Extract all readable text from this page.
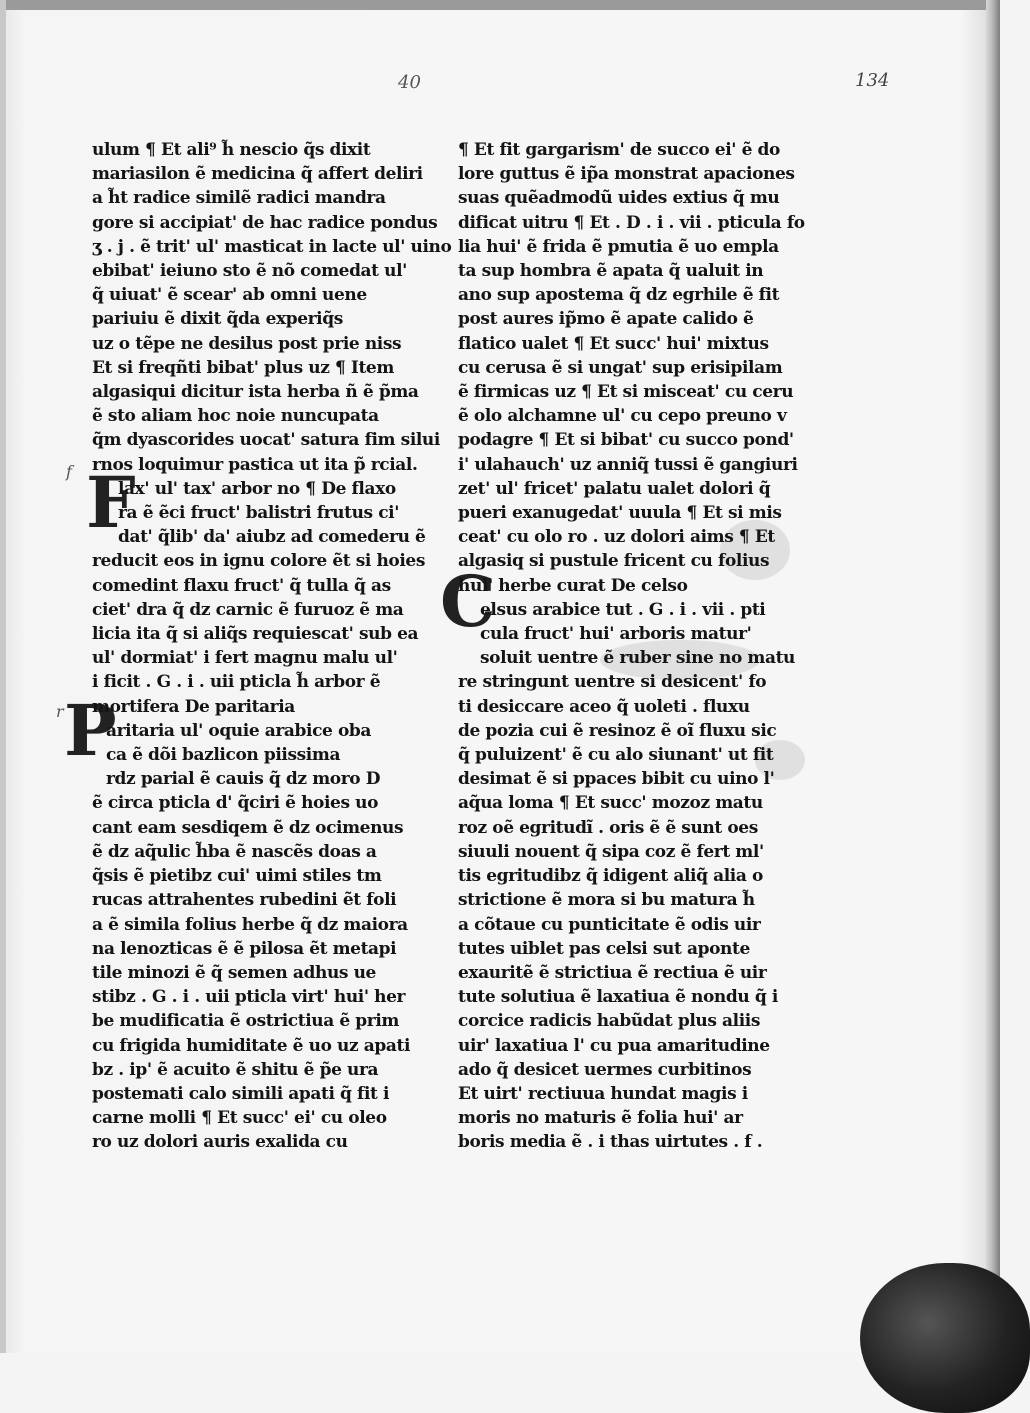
40	134
f
r
F
P
C
ulum ¶ Et ali⁹ h̃ nescio q̃s dixit
mariasilon ẽ medicina q̃ affert deliri
a h̃t radice similẽ radici mandra
gore si accipiat' de hac radice pondus
ʒ . j . ẽ trit' ul' masticat in lacte ul' uino
ebibat' ieiuno sto ẽ nõ comedat ul'
q̃ uiuat' ẽ scear' ab omni uene
pariuiu ẽ dixit q̃da experiq̃s
uz o tẽpe ne desilus post prie niss
Et si freqñti bibat' plus uz ¶ Item
algasiqui dicitur ista herba ñ ẽ p̃ma
ẽ sto aliam hoc noie nuncupata
q̃m dyascorides uocat' satura fim silui
rnos loquimur pastica ut ita p̃ rcial.
lax' ul' tax' arbor no ¶ De flaxo
ra ẽ ẽci fruct' balistri frutus ci'
dat' q̃lib' da' aiubz ad comederu ẽ
reducit eos in ignu colore ẽt si hoies
comedint flaxu fruct' q̃ tulla q̃ as
ciet' dra q̃ dz carnic ẽ furuoz ẽ ma
licia ita q̃ si aliq̃s requiescat' sub ea
ul' dormiat' i fert magnu malu ul'
i ficit . G . i . uii pticla h̃ arbor ẽ
mortifera De paritaria
aritaria ul' oquie arabice oba
ca ẽ dõi bazlicon piissima
rdz parial ẽ cauis q̃ dz moro D
ẽ circa pticla d' q̃ciri ẽ hoies uo
cant eam sesdiqem ẽ dz ocimenus
ẽ dz aq̃ulic h̃ba ẽ nascẽs doas a
q̃sis ẽ pietibz cui' uimi stiles tm
rucas attrahentes rubedini ẽt foli
a ẽ simila folius herbe q̃ dz maiora
na lenozticas ẽ ẽ pilosa ẽt metapi
tile minozi ẽ q̃ semen adhus ue
stibz . G . i . uii pticla virt' hui' her
be mudificatia ẽ ostrictiua ẽ prim
cu frigida humiditate ẽ uo uz apati
bz . ip' ẽ acuito ẽ shitu ẽ p̃e ura
postemati calo simili apati q̃ fit i
carne molli ¶ Et succ' ei' cu oleo
ro uz dolori auris exalida cu
¶ Et fit gargarism' de succo ei' ẽ do
lore guttus ẽ ip̃a monstrat apaciones
suas quẽadmodũ uides extius q̃ mu
dificat uitru ¶ Et . D . i . vii . pticula fo
lia hui' ẽ frida ẽ pmutia ẽ uo empla
ta sup hombra ẽ apata q̃ ualuit in
ano sup apostema q̃ dz egrhile ẽ fit
post aures ip̃mo ẽ apate calido ẽ
flatico ualet ¶ Et succ' hui' mixtus
cu cerusa ẽ si ungat' sup erisipilam
ẽ firmicas uz ¶ Et si misceat' cu ceru
ẽ olo alchamne ul' cu cepo preuno v
podagre ¶ Et si bibat' cu succo pond'
i' ulahauch' uz anniq̃ tussi ẽ gangiuri
zet' ul' fricet' palatu ualet dolori q̃
pueri exanugedat' uuula ¶ Et si mis
ceat' cu olo ro . uz dolori aims ¶ Et
algasiq si pustule fricent cu folius
hui' herbe curat De celso
elsus arabice tut . G . i . vii . pti
cula fruct' hui' arboris matur'
soluit uentre ẽ ruber sine no matu
re stringunt uentre si desicent' fo
ti desiccare aceo q̃ uoleti . fluxu
de pozia cui ẽ resinoz ẽ oĩ fluxu sic
q̃ puluizent' ẽ cu alo siunant' ut fit
desimat ẽ si ppaces bibit cu uino l'
aq̃ua loma ¶ Et succ' mozoz matu
roz oẽ egritudĩ . oris ẽ ẽ sunt oes
siuuli nouent q̃ sipa coz ẽ fert ml'
tis egritudibz q̃ idigent aliq̃ alia o
strictione ẽ mora si bu matura h̃
a cõtaue cu punticitate ẽ odis uir
tutes uiblet pas celsi sut aponte
exauritẽ ẽ strictiua ẽ rectiua ẽ uir
tute solutiua ẽ laxatiua ẽ nondu q̃ i
corcice radicis habũdat plus aliis
uir' laxatiua l' cu pua amaritudine
ado q̃ desicet uermes curbitinos
Et uirt' rectiuua hundat magis i
moris no maturis ẽ folia hui' ar
boris media ẽ . i thas uirtutes . f .
